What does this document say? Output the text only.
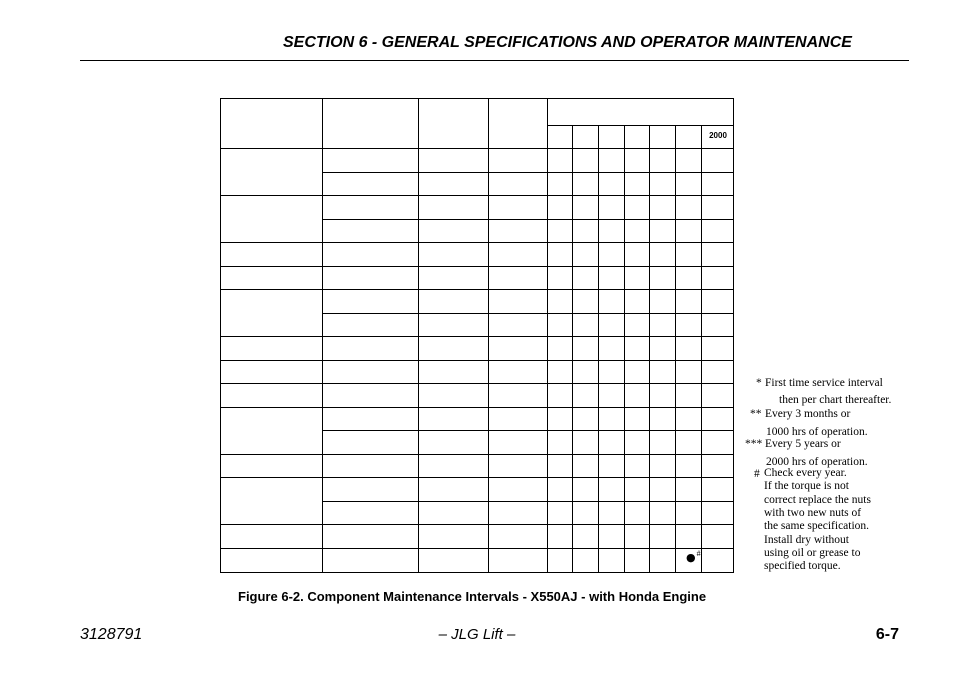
SECTION 6 - GENERAL SPECIFICATIONS AND OPERATOR MAINTENANCE
2000
●#
* First time service interval
then per chart thereafter.
** Every 3 months or
1000 hrs of operation.
*** Every 5 years or
2000 hrs of operation.
# Check every year.
If the torque is not
correct replace the nuts
with two new nuts of
the same specification.
Install dry without
using oil or grease to
specified torque.
Figure 6-2. Component Maintenance Intervals - X550AJ - with Honda Engine
3128791	– JLG Lift –	6-7
